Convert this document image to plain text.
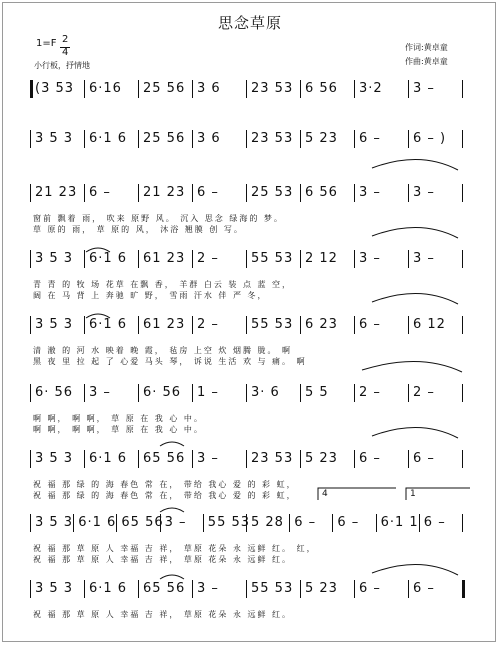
思念草原
作词:黄卓童
作曲:黄卓童
1=F 2
4
小行板，抒情地
(3 53 6·16 25 56 3 6 23 53 6 56 3·2 3 –
3 5 3 6·1 6 25 56 3 6 23 53 5 23 6 – 6 – )
21 23 6 – 21 23 6 – 25 53 6 56 3 – 3 –
窗前 飘着 雨， 吹来 原野 风。 沉入 思念 绿海的 梦。
草 原的 雨， 草 原的 风， 沐浴 翘膜 创 写。
3 5 3 6·1 6 61 23 2 – 55 53 2 12 3 – 3 –
青 青 的 牧 场 花草 在飘 香， 羊群 白云 装 点 蓝 空，
阔 在 马 背 上 奔驰 旷 野， 雪雨 汗水 伴 严 冬，
3 5 3 6·1 6 61 23 2 – 55 53 6 23 6 – 6 12
清 澈 的 河 水 映着 晚 霞， 毡房 上空 炊 烟腾 胧。 啊
黑 夜 里 拉 起 了 心爱 马头 琴， 诉说 生活 欢 与 痛。 啊
6· 56 3 – 6· 56 1 – 3· 6 5 5 2 – 2 –
啊 啊， 啊 啊， 草 原 在 我 心 中。
啊 啊， 啊 啊， 草 原 在 我 心 中。
3 5 3 6·1 6 65 56 3 – 23 53 5 23 6 – 6 –
祝 福 那 绿 的 海 春色 常 在， 带给 我心 爱 的 彩 虹，
祝 福 那 绿 的 海 春色 常 在， 带给 我心 爱 的 彩 虹，
3 5 3 6·1 6 65 56 3 – 55 53 5 28 6 – 6 – 6·1 1 6 –
祝 福 那 草 原 人 幸福 吉 祥， 草原 花朵 永 远鲜 红。 红，
祝 福 那 草 原 人 幸福 吉 祥， 草原 花朵 永 远鲜 红。
3 5 3 6·1 6 65 56 3 – 55 53 5 23 6 – 6 –
祝 福 那 草 原 人 幸福 吉 祥， 草原 花朵 永 远鲜 红。
4	1
